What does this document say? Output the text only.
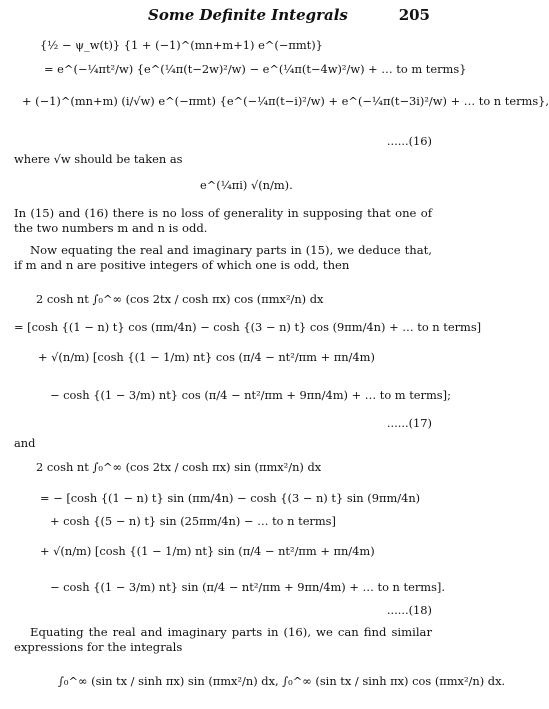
Some Definite Integrals	205
{½ − ψ_w(t)} {1 + (−1)^(mn+m+1) e^(−πmt)}
= e^(−¼πt²/w) {e^(¼π(t−2w)²/w) − e^(¼π(t−4w)²/w) + … to m terms}
+ (−1)^(mn+m) (i/√w) e^(−πmt) {e^(−¼π(t−i)²/w) + e^(−¼π(t−3i)²/w) + … to n terms},
......(16)
where √w should be taken as
e^(¼πi) √(n/m).
In (15) and (16) there is no loss of generality in supposing that one of the two numbers m and n is odd.
Now equating the real and imaginary parts in (15), we deduce that, if m and n are positive integers of which one is odd, then
2 cosh nt ∫₀^∞ (cos 2tx / cosh πx) cos (πmx²/n) dx
= [cosh {(1 − n) t} cos (πm/4n) − cosh {(3 − n) t} cos (9πm/4n) + … to n terms]
+ √(n/m) [cosh {(1 − 1/m) nt} cos (π/4 − nt²/πm + πn/4m)
− cosh {(1 − 3/m) nt} cos (π/4 − nt²/πm + 9πn/4m) + … to m terms];
......(17)
and
2 cosh nt ∫₀^∞ (cos 2tx / cosh πx) sin (πmx²/n) dx
= − [cosh {(1 − n) t} sin (πm/4n) − cosh {(3 − n) t} sin (9πm/4n)
+ cosh {(5 − n) t} sin (25πm/4n) − … to n terms]
+ √(n/m) [cosh {(1 − 1/m) nt} sin (π/4 − nt²/πm + πn/4m)
− cosh {(1 − 3/m) nt} sin (π/4 − nt²/πm + 9πn/4m) + … to n terms].
......(18)
Equating the real and imaginary parts in (16), we can find similar expressions for the integrals
∫₀^∞ (sin tx / sinh πx) sin (πmx²/n) dx, ∫₀^∞ (sin tx / sinh πx) cos (πmx²/n) dx.
